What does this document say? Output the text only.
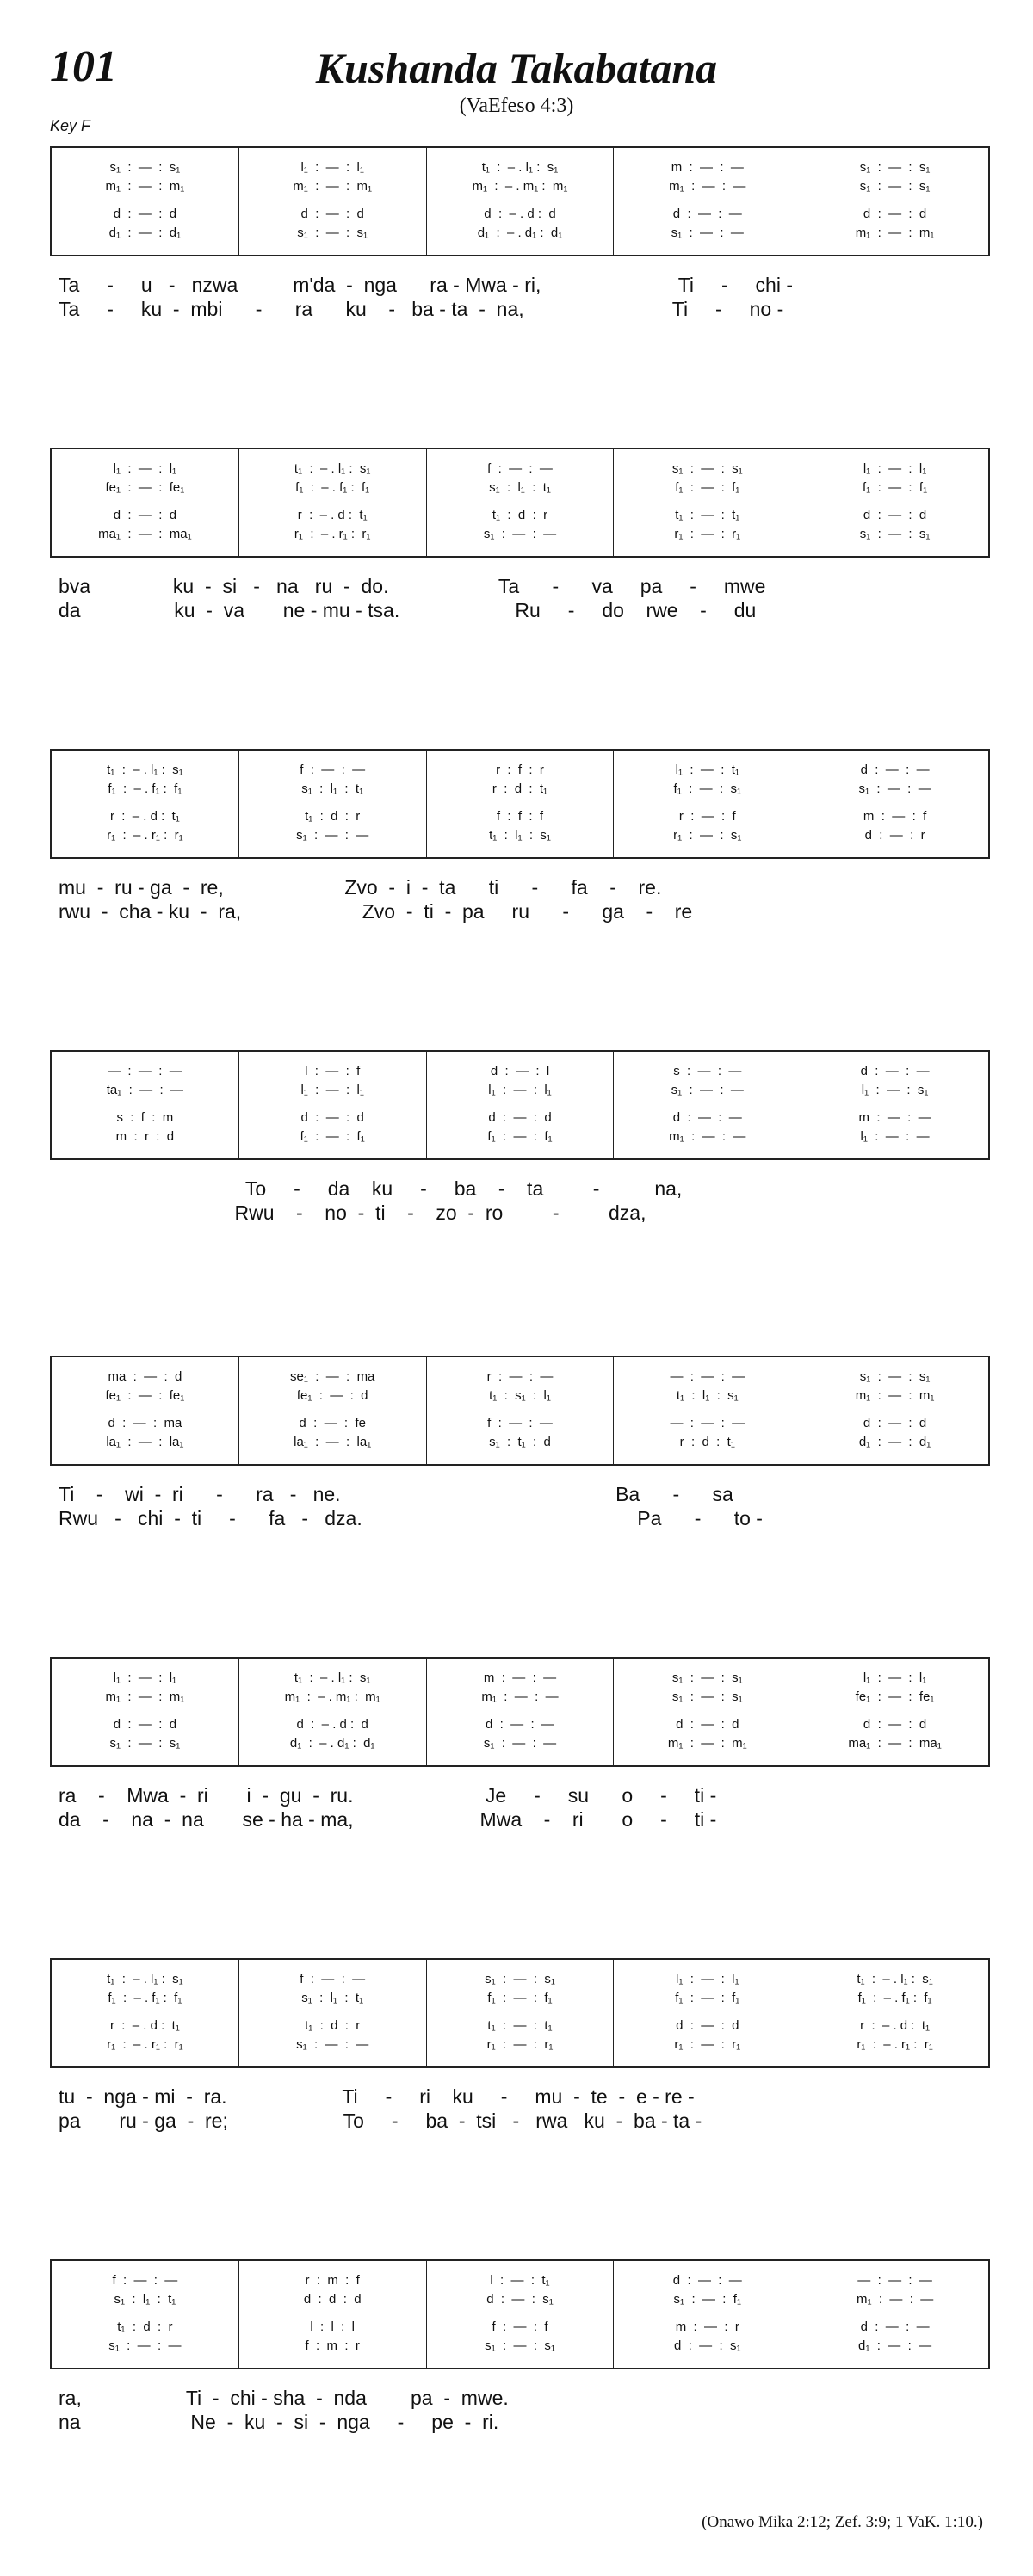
101	Kushanda Takabatana
(VaEfeso 4:3)
Key F
s₁  :  —  :  s₁
m₁  :  —  :  m₁
d  :  —  :  d
d₁  :  —  :  d₁
l₁  :  —  :  l₁
m₁  :  —  :  m₁
d  :  —  :  d
s₁  :  —  :  s₁
t₁  :  – . l₁ :  s₁
m₁  :  – . m₁ :  m₁
d  :  – . d :  d
d₁  :  – . d₁ :  d₁
m  :  —  :  —
m₁  :  —  :  —
d  :  —  :  —
s₁  :  —  :  —
s₁  :  —  :  s₁
s₁  :  —  :  s₁
d  :  —  :  d
m₁  :  —  :  m₁
Ta     -     u   -   nzwa          m'da  -  nga      ra - Mwa - ri,                         Ti     -     chi -
Ta     -     ku  -  mbi      -      ra      ku    -   ba - ta  -  na,                           Ti     -     no -
l₁  :  —  :  l₁
fe₁  :  —  :  fe₁
d  :  —  :  d
ma₁  :  —  :  ma₁
t₁  :  – . l₁ :  s₁
f₁  :  – . f₁ :  f₁
r  :  – . d :  t₁
r₁  :  – . r₁ :  r₁
f  :  —  :  —
s₁  :  l₁  :  t₁
t₁  :  d  :  r
s₁  :  —  :  —
s₁  :  —  :  s₁
f₁  :  —  :  f₁
t₁  :  —  :  t₁
r₁  :  —  :  r₁
l₁  :  —  :  l₁
f₁  :  —  :  f₁
d  :  —  :  d
s₁  :  —  :  s₁
bva               ku  -  si   -   na   ru  -  do.                    Ta      -      va     pa     -     mwe
da                 ku  -  va       ne - mu - tsa.                     Ru     -     do    rwe    -     du
t₁  :  – . l₁ :  s₁
f₁  :  – . f₁ :  f₁
r  :  – . d :  t₁
r₁  :  – . r₁ :  r₁
f  :  —  :  —
s₁  :  l₁  :  t₁
t₁  :  d  :  r
s₁  :  —  :  —
r  :  f  :  r
r  :  d  :  t₁
f  :  f  :  f
t₁  :  l₁  :  s₁
l₁  :  —  :  t₁
f₁  :  —  :  s₁
r  :  —  :  f
r₁  :  —  :  s₁
d  :  —  :  —
s₁  :  —  :  —
m  :  —  :  f
d  :  —  :  r
mu  -  ru - ga  -  re,                      Zvo  -  i  -  ta      ti      -      fa    -    re.
rwu  -  cha - ku  -  ra,                      Zvo  -  ti  -  pa     ru      -      ga    -    re
—  :  —  :  —
ta₁  :  —  :  —
s  :  f  :  m
m  :  r  :  d
l  :  —  :  f
l₁  :  —  :  l₁
d  :  —  :  d
f₁  :  —  :  f₁
d  :  —  :  l
l₁  :  —  :  l₁
d  :  —  :  d
f₁  :  —  :  f₁
s  :  —  :  —
s₁  :  —  :  —
d  :  —  :  —
m₁  :  —  :  —
d  :  —  :  —
l₁  :  —  :  s₁
m  :  —  :  —
l₁  :  —  :  —
To     -     da    ku     -     ba    -    ta         -          na,
Rwu    -    no  -  ti    -    zo  -  ro         -         dza,
ma  :  —  :  d
fe₁  :  —  :  fe₁
d  :  —  :  ma
la₁  :  —  :  la₁
se₁  :  —  :  ma
fe₁  :  —  :  d
d  :  —  :  fe
la₁  :  —  :  la₁
r  :  —  :  —
t₁  :  s₁  :  l₁
f  :  —  :  —
s₁  :  t₁  :  d
—  :  —  :  —
t₁  :  l₁  :  s₁
—  :  —  :  —
r  :  d  :  t₁
s₁  :  —  :  s₁
m₁  :  —  :  m₁
d  :  —  :  d
d₁  :  —  :  d₁
Ti    -    wi  -  ri      -      ra   -   ne.                                                  Ba      -      sa
Rwu   -   chi  -  ti     -      fa   -   dza.                                                  Pa      -      to -
l₁  :  —  :  l₁
m₁  :  —  :  m₁
d  :  —  :  d
s₁  :  —  :  s₁
t₁  :  – . l₁ :  s₁
m₁  :  – . m₁ :  m₁
d  :  – . d :  d
d₁  :  – . d₁ :  d₁
m  :  —  :  —
m₁  :  —  :  —
d  :  —  :  —
s₁  :  —  :  —
s₁  :  —  :  s₁
s₁  :  —  :  s₁
d  :  —  :  d
m₁  :  —  :  m₁
l₁  :  —  :  l₁
fe₁  :  —  :  fe₁
d  :  —  :  d
ma₁  :  —  :  ma₁
ra    -    Mwa  -  ri       i  -  gu  -  ru.                        Je     -     su      o     -     ti -
da    -    na  -  na       se - ha - ma,                       Mwa    -    ri       o     -     ti -
t₁  :  – . l₁ :  s₁
f₁  :  – . f₁ :  f₁
r  :  – . d :  t₁
r₁  :  – . r₁ :  r₁
f  :  —  :  —
s₁  :  l₁  :  t₁
t₁  :  d  :  r
s₁  :  —  :  —
s₁  :  —  :  s₁
f₁  :  —  :  f₁
t₁  :  —  :  t₁
r₁  :  —  :  r₁
l₁  :  —  :  l₁
f₁  :  —  :  f₁
d  :  —  :  d
r₁  :  —  :  r₁
t₁  :  – . l₁ :  s₁
f₁  :  – . f₁ :  f₁
r  :  – . d :  t₁
r₁  :  – . r₁ :  r₁
tu  -  nga - mi  -  ra.                     Ti     -     ri    ku     -     mu  -  te  -  e - re -
pa       ru - ga  -  re;                     To     -     ba  -  tsi   -   rwa   ku  -  ba - ta -
f  :  —  :  —
s₁  :  l₁  :  t₁
t₁  :  d  :  r
s₁  :  —  :  —
r  :  m  :  f
d  :  d  :  d
l  :  l  :  l
f  :  m  :  r
l  :  —  :  t₁
d  :  —  :  s₁
f  :  —  :  f
s₁  :  —  :  s₁
d  :  —  :  —
s₁  :  —  :  f₁
m  :  —  :  r
d  :  —  :  s₁
—  :  —  :  —
m₁  :  —  :  —
d  :  —  :  —
d₁  :  —  :  —
ra,                   Ti  -  chi - sha  -  nda        pa  -  mwe.
na                    Ne  -  ku  -  si  -  nga     -     pe  -  ri.
(Onawo Mika 2:12; Zef. 3:9; 1 VaK. 1:10.)
